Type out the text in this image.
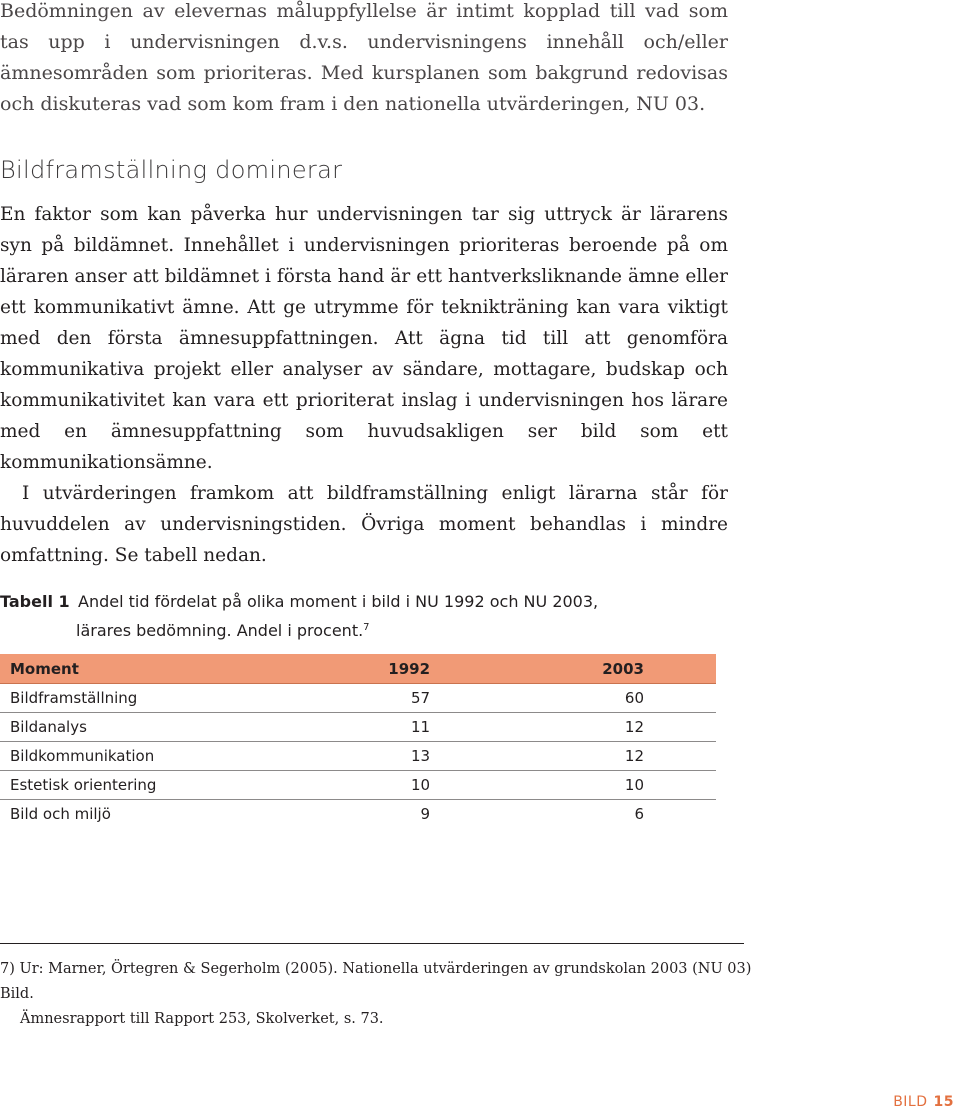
Bedömningen av elevernas måluppfyllelse är intimt kopplad till vad som tas upp i undervisningen d.v.s. undervisningens innehåll och/eller ämnesområden som prioriteras. Med kursplanen som bakgrund redovisas och diskuteras vad som kom fram i den nationella utvärderingen, NU 03.

Bildframställning dominerar

En faktor som kan påverka hur undervisningen tar sig uttryck är lärarens syn på bildämnet. Innehållet i undervisningen prioriteras beroende på om läraren anser att bildämnet i första hand är ett hantverksliknande ämne eller ett kommunikativt ämne. Att ge utrymme för teknikträning kan vara viktigt med den första ämnesuppfattningen. Att ägna tid till att genomföra kommunikativa projekt eller analyser av sändare, mottagare, budskap och kommunikativitet kan vara ett prioriterat inslag i undervisningen hos lärare med en ämnesuppfattning som huvudsakligen ser bild som ett kommunikationsämne.

I utvärderingen framkom att bildframställning enligt lärarna står för huvuddelen av undervisningstiden. Övriga moment behandlas i mindre omfattning. Se tabell nedan.

Tabell 1 Andel tid fördelat på olika moment i bild i NU 1992 och NU 2003,
lärares bedömning. Andel i procent.$^7$
Moment	1992	2003
Bildframställning	57	60
Bildanalys	11	12
Bildkommunikation	13	12
Estetisk orientering	10	10
Bild och miljö	9	6
7) Ur: Marner, Örtegren & Segerholm (2005). Nationella utvärderingen av grundskolan 2003 (NU 03) Bild.
Ämnesrapport till Rapport 253, Skolverket, s. 73.
BILD 15
